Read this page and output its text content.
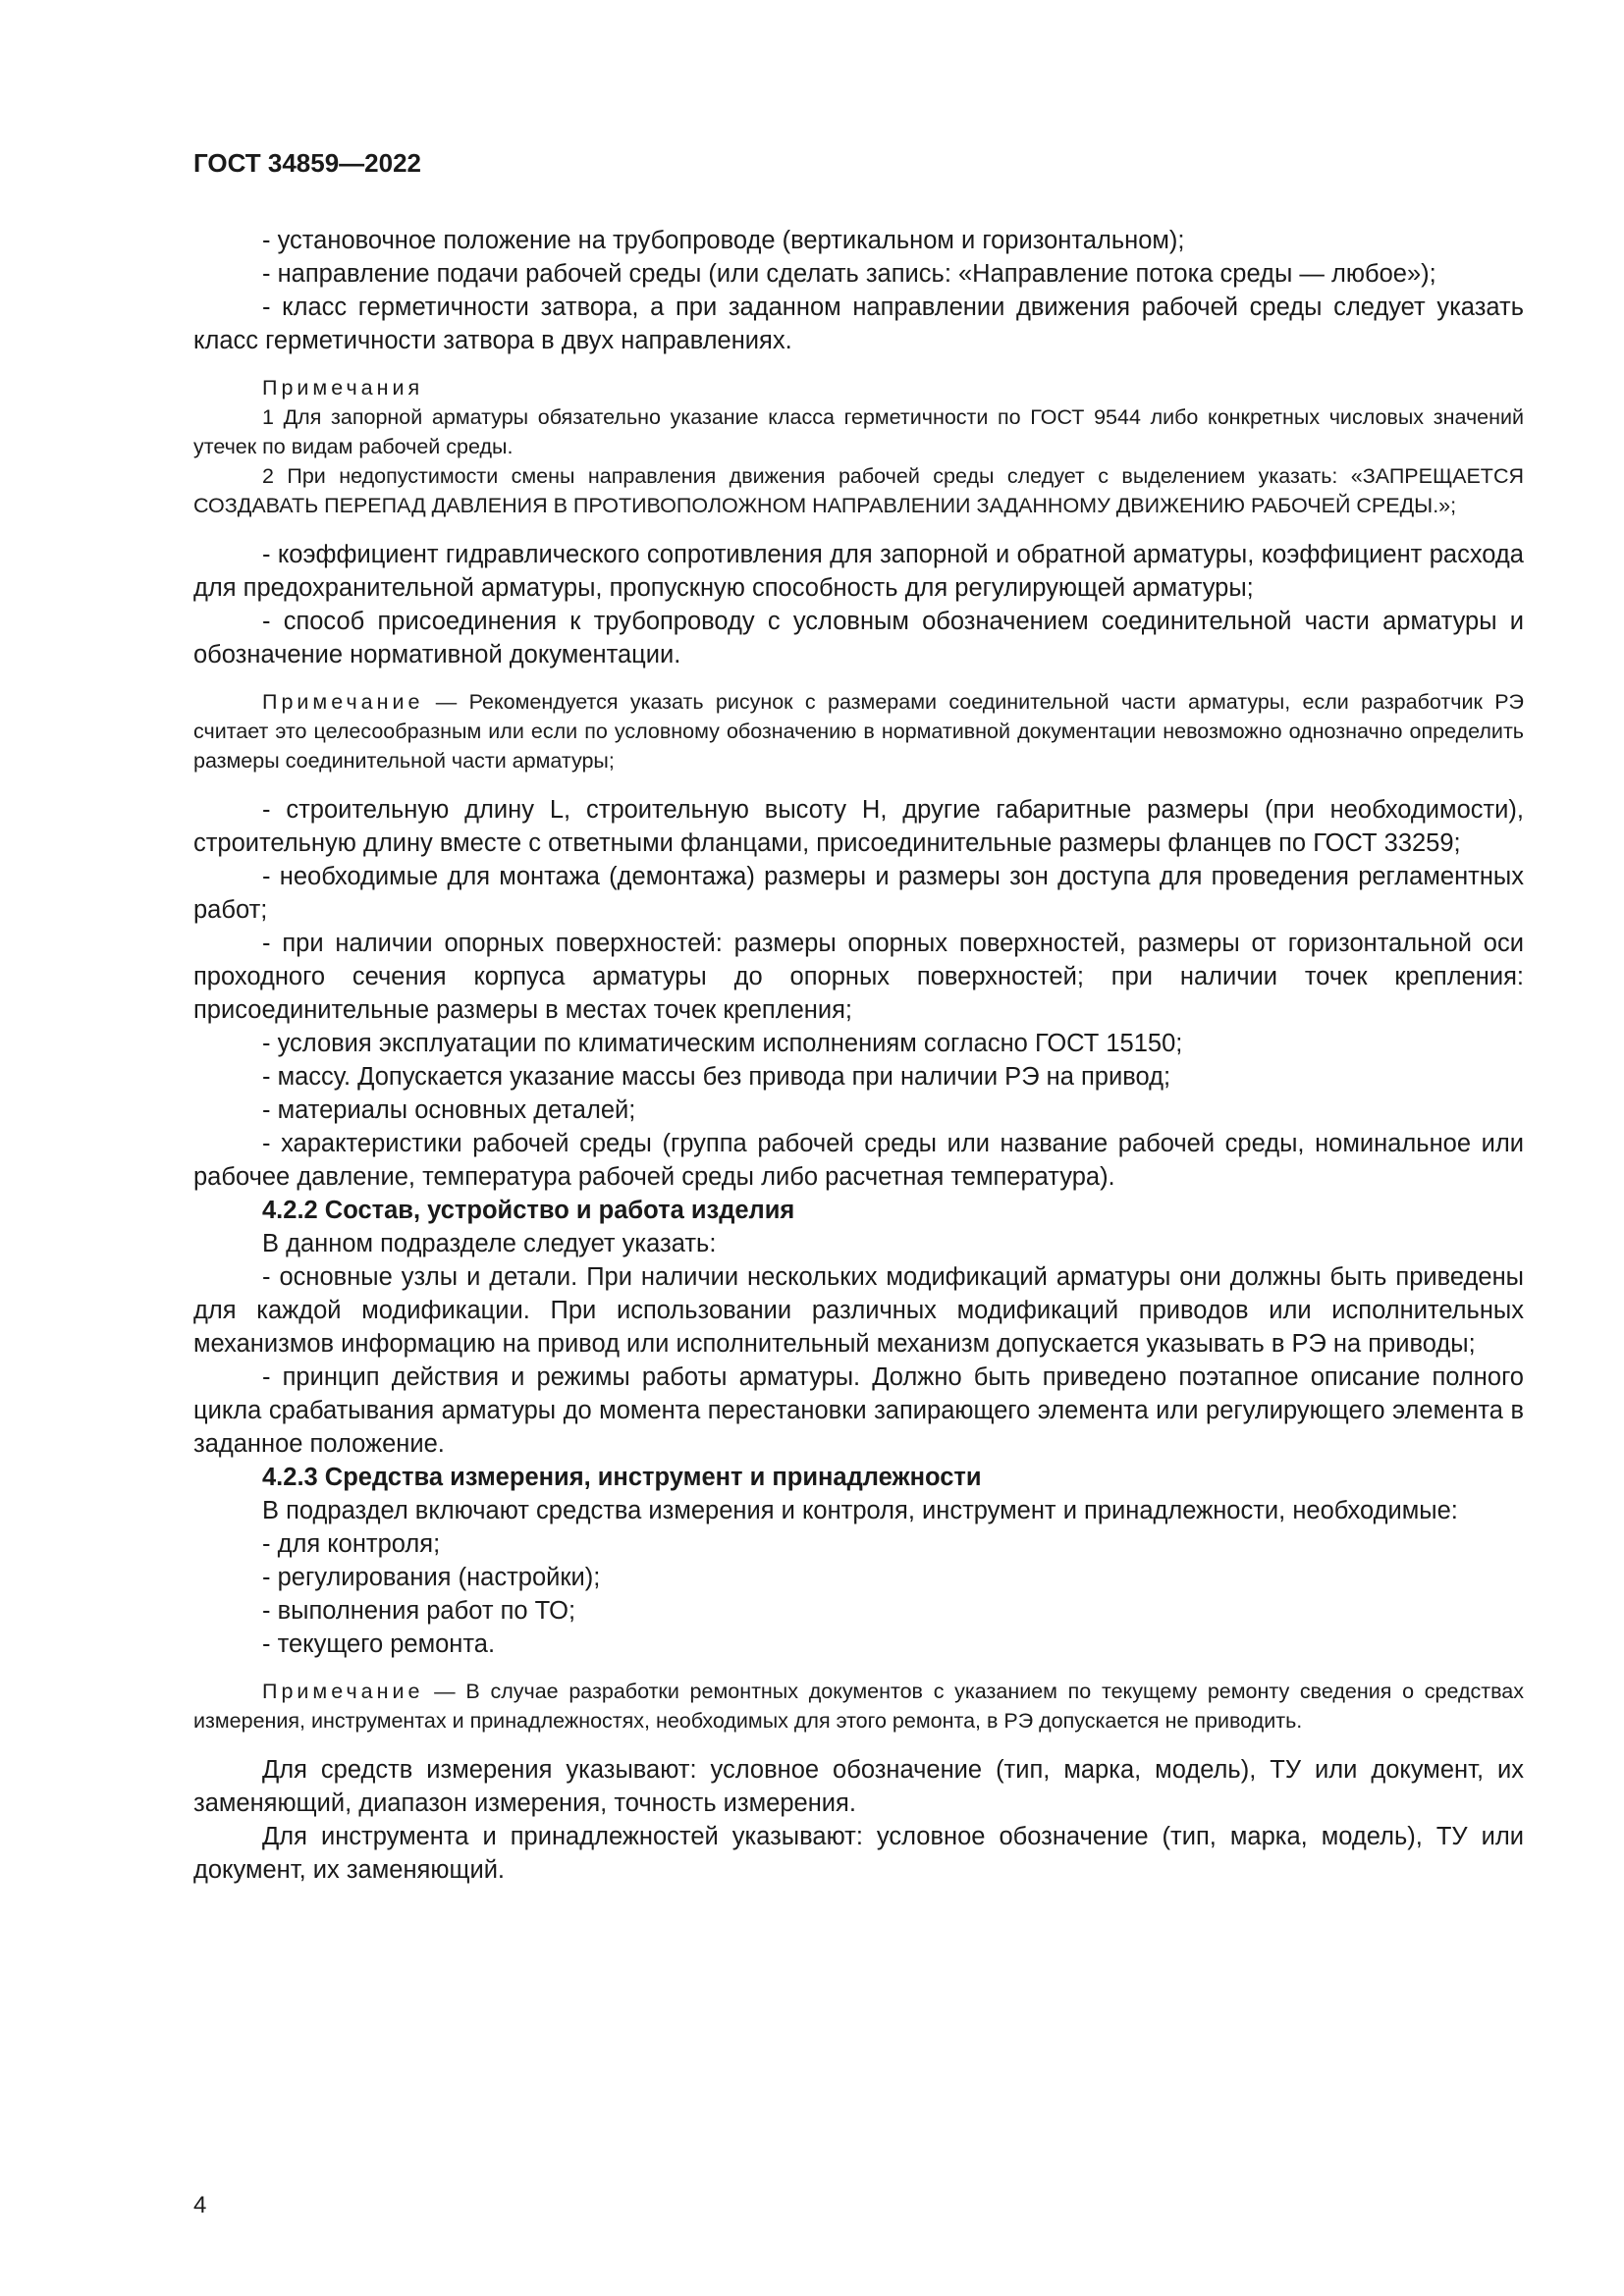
ГОСТ 34859—2022

- установочное положение на трубопроводе (вертикальном и горизонтальном);

- направление подачи рабочей среды (или сделать запись: «Направление потока среды — любое»);

- класс герметичности затвора, а при заданном направлении движения рабочей среды следует указать класс герметичности затвора в двух направлениях.

Примечания

1 Для запорной арматуры обязательно указание класса герметичности по ГОСТ 9544 либо конкретных числовых значений утечек по видам рабочей среды.

2 При недопустимости смены направления движения рабочей среды следует с выделением указать: «ЗАПРЕЩАЕТСЯ СОЗДАВАТЬ ПЕРЕПАД ДАВЛЕНИЯ В ПРОТИВОПОЛОЖНОМ НАПРАВЛЕНИИ ЗАДАННОМУ ДВИЖЕНИЮ РАБОЧЕЙ СРЕДЫ.»;

- коэффициент гидравлического сопротивления для запорной и обратной арматуры, коэффициент расхода для предохранительной арматуры, пропускную способность для регулирующей арматуры;

- способ присоединения к трубопроводу с условным обозначением соединительной части арматуры и обозначение нормативной документации.

Примечание — Рекомендуется указать рисунок с размерами соединительной части арматуры, если разработчик РЭ считает это целесообразным или если по условному обозначению в нормативной документации невозможно однозначно определить размеры соединительной части арматуры;

- строительную длину L, строительную высоту H, другие габаритные размеры (при необходимости), строительную длину вместе с ответными фланцами, присоединительные размеры фланцев по ГОСТ 33259;

- необходимые для монтажа (демонтажа) размеры и размеры зон доступа для проведения регламентных работ;

- при наличии опорных поверхностей: размеры опорных поверхностей, размеры от горизонтальной оси проходного сечения корпуса арматуры до опорных поверхностей; при наличии точек крепления: присоединительные размеры в местах точек крепления;

- условия эксплуатации по климатическим исполнениям согласно ГОСТ 15150;

- массу. Допускается указание массы без привода при наличии РЭ на привод;

- материалы основных деталей;

- характеристики рабочей среды (группа рабочей среды или название рабочей среды, номинальное или рабочее давление, температура рабочей среды либо расчетная температура).

4.2.2 Состав, устройство и работа изделия

В данном подразделе следует указать:

- основные узлы и детали. При наличии нескольких модификаций арматуры они должны быть приведены для каждой модификации. При использовании различных модификаций приводов или исполнительных механизмов информацию на привод или исполнительный механизм допускается указывать в РЭ на приводы;

- принцип действия и режимы работы арматуры. Должно быть приведено поэтапное описание полного цикла срабатывания арматуры до момента перестановки запирающего элемента или регулирующего элемента в заданное положение.

4.2.3 Средства измерения, инструмент и принадлежности

В подраздел включают средства измерения и контроля, инструмент и принадлежности, необходимые:

- для контроля;

- регулирования (настройки);

- выполнения работ по ТО;

- текущего ремонта.

Примечание — В случае разработки ремонтных документов с указанием по текущему ремонту сведения о средствах измерения, инструментах и принадлежностях, необходимых для этого ремонта, в РЭ допускается не приводить.

Для средств измерения указывают: условное обозначение (тип, марка, модель), ТУ или документ, их заменяющий, диапазон измерения, точность измерения.

Для инструмента и принадлежностей указывают: условное обозначение (тип, марка, модель), ТУ или документ, их заменяющий.

4
